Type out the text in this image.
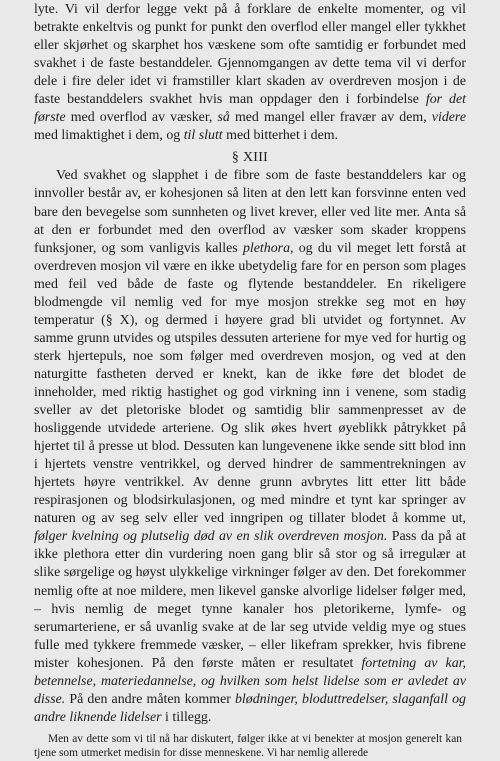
lyte. Vi vil derfor legge vekt på å forklare de enkelte momenter, og vil betrakte enkeltvis og punkt for punkt den overflod eller mangel eller tykkhet eller skjørhet og skarphet hos væskene som ofte samtidig er forbundet med svakhet i de faste bestanddeler. Gjennomgangen av dette tema vil vi derfor dele i fire deler idet vi framstiller klart skaden av overdreven mosjon i de faste bestanddelers svakhet hvis man oppdager den i forbindelse for det første med overflod av væsker, så med mangel eller fravær av dem, videre med limaktighet i dem, og til slutt med bitterhet i dem.

§ XIII

Ved svakhet og slapphet i de fibre som de faste bestanddelers kar og innvoller består av, er kohesjonen så liten at den lett kan forsvinne enten ved bare den bevegelse som sunnheten og livet krever, eller ved lite mer. Anta så at den er forbundet med den overflod av væsker som skader kroppens funksjoner, og som vanligvis kalles plethora, og du vil meget lett forstå at overdreven mosjon vil være en ikke ubetydelig fare for en person som plages med feil ved både de faste og flytende bestanddeler. En rikeligere blodmengde vil nemlig ved for mye mosjon strekke seg mot en høy temperatur (§ X), og dermed i høyere grad bli utvidet og fortynnet. Av samme grunn utvides og utspiles dessuten arteriene for mye ved for hurtig og sterk hjertepuls, noe som følger med overdreven mosjon, og ved at den naturgitte fastheten derved er knekt, kan de ikke føre det blodet de inneholder, med riktig hastighet og god virkning inn i venene, som stadig sveller av det pletoriske blodet og samtidig blir sammenpresset av de hosliggende utvidede arteriene. Og slik økes hvert øyeblikk påtrykket på hjertet til å presse ut blod. Dessuten kan lungevenene ikke sende sitt blod inn i hjertets venstre ventrikkel, og derved hindrer de sammentrekningen av hjertets høyre ventrikkel. Av denne grunn avbrytes litt etter litt både respirasjonen og blodsirkulasjonen, og med mindre et tynt kar springer av naturen og av seg selv eller ved inngripen og tillater blodet å komme ut, følger kvelning og plutselig død av en slik overdreven mosjon. Pass da på at ikke plethora etter din vurdering noen gang blir så stor og så irregulær at slike sørgelige og høyst ulykkelige virkninger følger av den. Det forekommer nemlig ofte at noe mildere, men likevel ganske alvorlige lidelser følger med, – hvis nemlig de meget tynne kanaler hos pletorikerne, lymfe- og serumarteriene, er så uvanlig svake at de lar seg utvide veldig mye og stues fulle med tykkere fremmede væsker, – eller likefram sprekker, hvis fibrene mister kohesjonen. På den første måten er resultatet fortetning av kar, betennelse, materiedannelse, og hvilken som helst lidelse som er avledet av disse. På den andre måten kommer blødninger, bloduttredelser, slaganfall og andre liknende lidelser i tillegg.

Men av dette som vi til nå har diskutert, følger ikke at vi benekter at mosjon generelt kan tjene som utmerket medisin for disse menneskene. Vi har nemlig allerede
